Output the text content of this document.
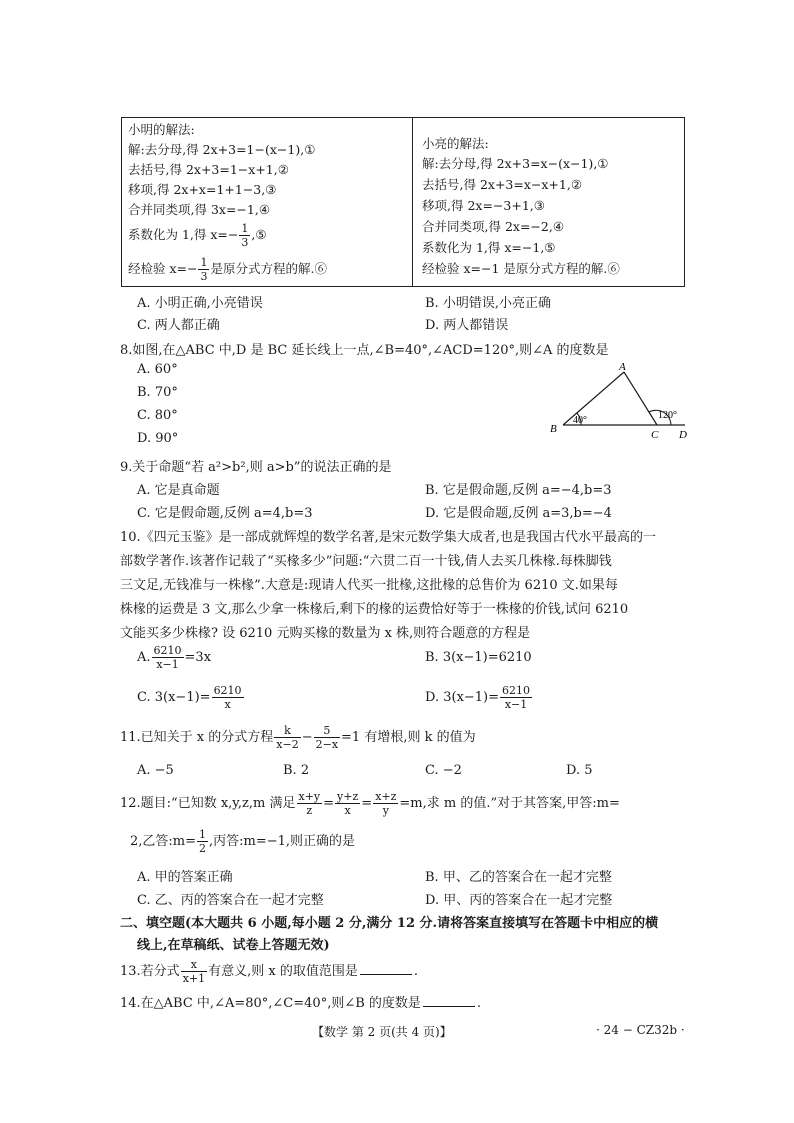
小明的解法:
解:去分母,得 2x+3=1−(x−1),①
去括号,得 2x+3=1−x+1,②
移项,得 2x+x=1+1−3,③
合并同类项,得 3x=−1,④
系数化为 1,得 $x=- \frac{1}{3}$ ,⑤
经检验 $x=- \frac{1}{3}$ 是原分式方程的解.⑥
小亮的解法:
解:去分母,得 2x+3=x−(x−1),①
去括号,得 2x+3=x−x+1,②
移项,得 2x=−3+1,③
合并同类项,得 2x=−2,④
系数化为 1,得 x=−1,⑤
经检验 x=−1 是原分式方程的解.⑥
A. 小明正确,小亮错误	B. 小明错误,小亮正确
C. 两人都正确	D. 两人都错误
8.如图,在△ABC 中,D 是 BC 延长线上一点,∠B=40°,∠ACD=120°,则∠A 的度数是
A. 60°
B. 70°
C. 80°
D. 90°
A
B	C D
40°	120°
9.关于命题“若 a²>b²,则 a>b”的说法正确的是
A. 它是真命题	B. 它是假命题,反例 a=−4,b=3
C. 它是假命题,反例 a=4,b=3	D. 它是假命题,反例 a=3,b=−4
10.《四元玉鉴》是一部成就辉煌的数学名著,是宋元数学集大成者,也是我国古代水平最高的一
部数学著作.该著作记载了“买椽多少”问题:“六贯二百一十钱,倩人去买几株椽.每株脚钱
三文足,无钱准与一株椽”.大意是:现请人代买一批椽,这批椽的总售价为 6210 文.如果每
株椽的运费是 3 文,那么少拿一株椽后,剩下的椽的运费恰好等于一株椽的价钱,试问 6210
文能买多少株椽? 设 6210 元购买椽的数量为 x 株,则符合题意的方程是
A. $\frac{6210}{x-1} =3x$	B. 3(x−1)=6210
C. $3(x-1)= \frac{6210}{x}$	D. $3(x-1)= \frac{6210}{x-1}$
11.已知关于 x 的分式方程 $\frac{k}{x-2} - \frac{5}{2-x} =1$ 有增根,则 k 的值为
A. −5	B. 2	C. −2	D. 5
12.题目:“已知数 x,y,z,m 满足 $\frac{x+y}{z} = \frac{y+z}{x} = \frac{x+z}{y} =m$,求 m 的值.”对于其答案,甲答:m=
2,乙答:m= $\frac{1}{2}$ ,丙答:m=−1,则正确的是
A. 甲的答案正确	B. 甲、乙的答案合在一起才完整
C. 乙、丙的答案合在一起才完整	D. 甲、丙的答案合在一起才完整
二、填空题(本大题共 6 小题,每小题 2 分,满分 12 分.请将答案直接填写在答题卡中相应的横
线上,在草稿纸、试卷上答题无效)
13.若分式 $\frac{x}{x+1}$ 有意义,则 x 的取值范围是	.
14.在△ABC 中,∠A=80°,∠C=40°,则∠B 的度数是	.
【数学 第 2 页(共 4 页)】	· 24 − CZ32b ·
